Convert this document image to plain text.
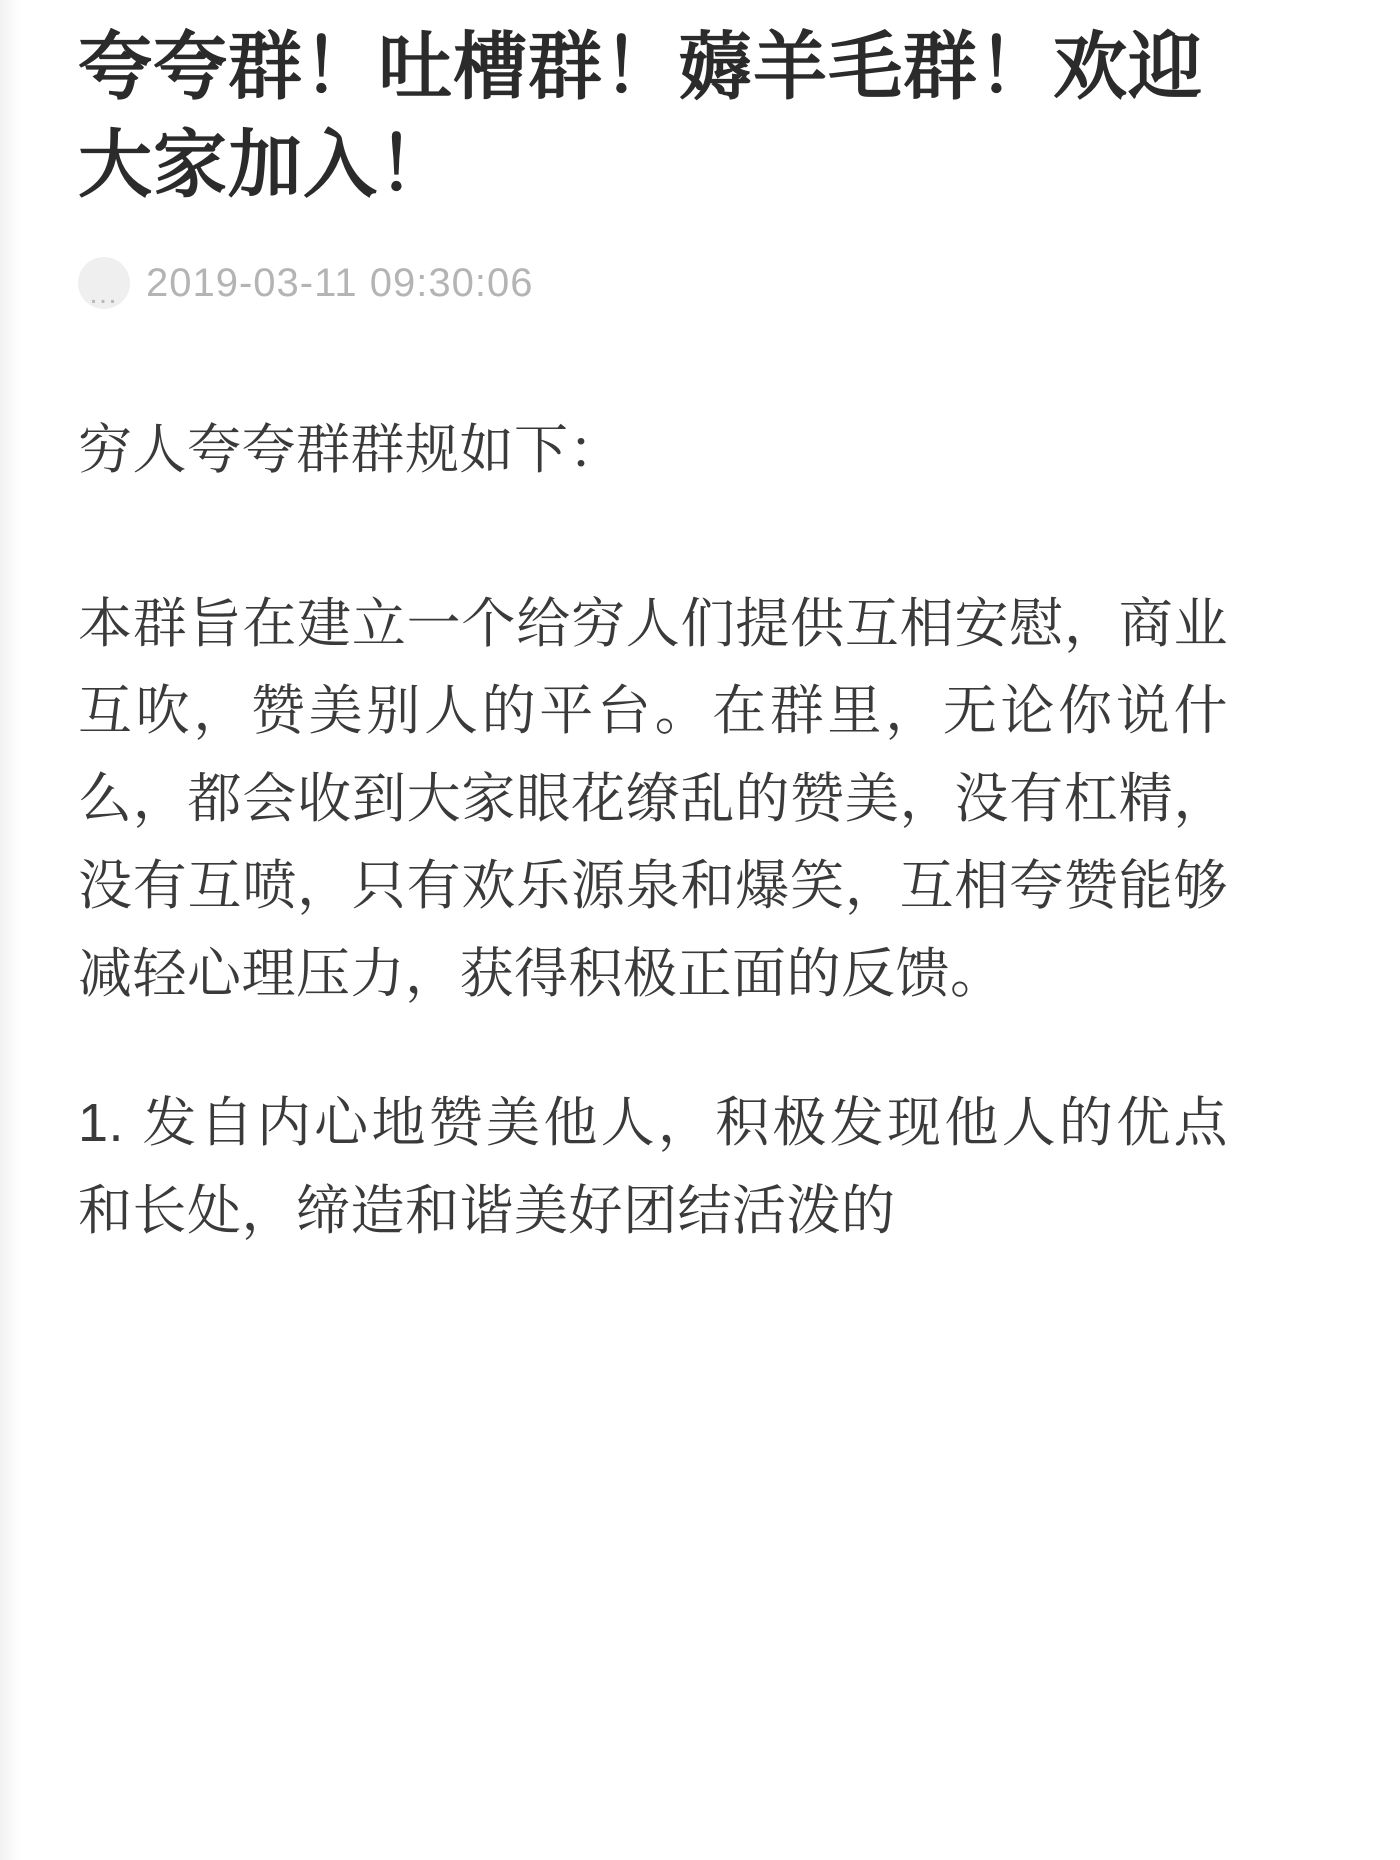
夸夸群！吐槽群！薅羊毛群！欢迎大家加入！
… 2019-03-11 09:30:06

穷人夸夸群群规如下：

本群旨在建立一个给穷人们提供互相安慰，商业互吹，赞美别人的平台。在群里，无论你说什么，都会收到大家眼花缭乱的赞美，没有杠精，没有互喷，只有欢乐源泉和爆笑，互相夸赞能够减轻心理压力，获得积极正面的反馈。

1. 发自内心地赞美他人，积极发现他人的优点和长处，缔造和谐美好团结活泼的
